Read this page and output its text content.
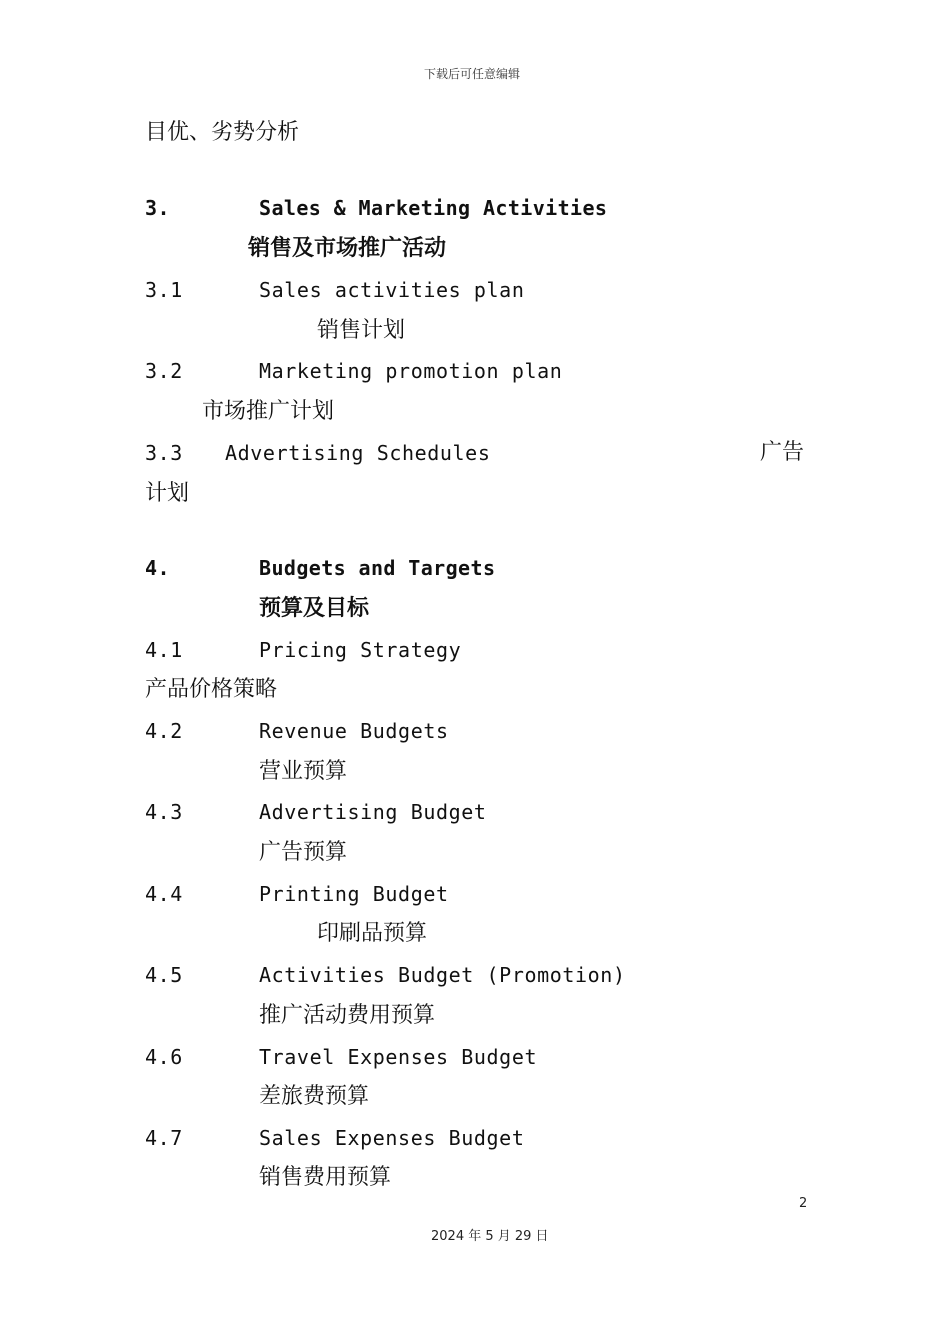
下载后可任意编辑
目优、劣势分析
3.	Sales & Marketing Activities
销售及市场推广活动
3.1	Sales activities plan
销售计划
3.2	Marketing promotion plan
市场推广计划
3.3 Advertising Schedules	广告
计划
4.	Budgets and Targets
预算及目标
4.1	Pricing Strategy
产品价格策略
4.2	Revenue Budgets
营业预算
4.3	Advertising Budget
广告预算
4.4	Printing Budget
印刷品预算
4.5	Activities Budget (Promotion)
推广活动费用预算
4.6	Travel Expenses Budget
差旅费预算
4.7	Sales Expenses Budget
销售费用预算
2
2024 年 5 月 29 日
